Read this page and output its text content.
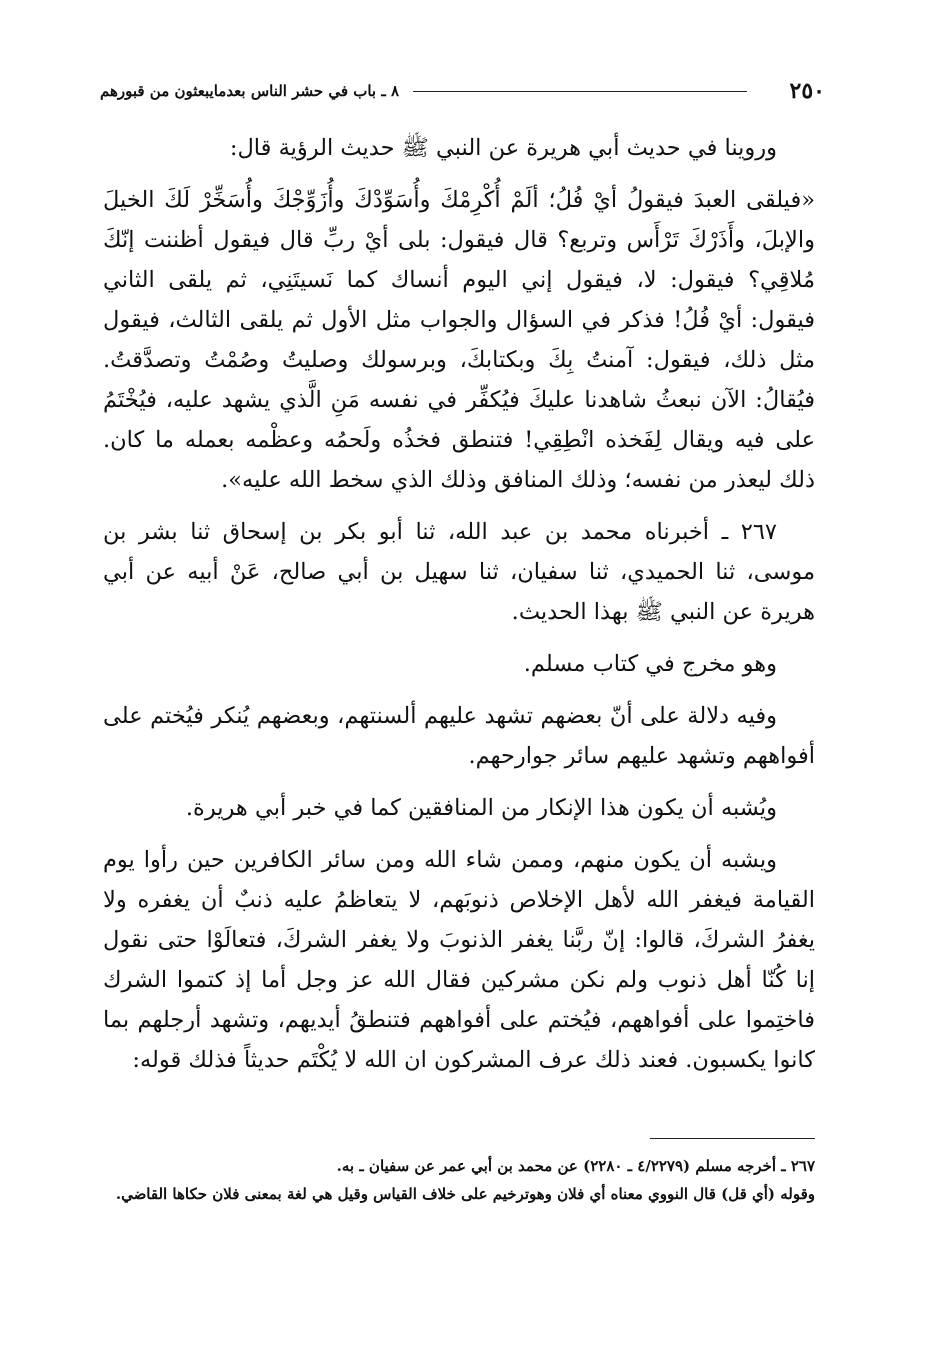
٢٥٠
٨ ـ باب في حشر الناس بعدمايبعثون من قبورهم

وروينا في حديث أبي هريرة عن النبي ﷺ حديث الرؤية قال:

«فيلقى العبدَ فيقولُ أيْ فُلُ؛ ألَمْ أُكْرِمْكَ وأُسَوِّدْكَ وأُزَوِّجْكَ وأُسَخِّرْ لَكَ الخيلَ والإبلَ، وأَذَرْكَ تَرْأَس وتربع؟ قال فيقول: بلى أيْ ربِّ قال فيقول أظننت إنّكَ مُلاقِي؟ فيقول: لا، فيقول إني اليوم أنساك كما نَسيتَنِي، ثم يلقى الثاني فيقول: أيْ فُلُ! فذكر في السؤال والجواب مثل الأول ثم يلقى الثالث، فيقول مثل ذلك، فيقول: آمنتُ بِكَ وبكتابكَ، وبرسولك وصليتُ وصُمْتُ وتصدَّقتُ. فيُقالُ: الآن نبعثُ شاهدنا عليكَ فيُكفِّر في نفسه مَنِ الَّذي يشهد عليه، فيُخْتَمُ على فيه ويقال لِفَخذه انْطِقِي! فتنطق فخذُه ولَحمُه وعظْمه بعمله ما كان. ذلك ليعذر من نفسه؛ وذلك المنافق وذلك الذي سخط الله عليه».

٢٦٧ ـ أخبرناه محمد بن عبد الله، ثنا أبو بكر بن إسحاق ثنا بشر بن موسى، ثنا الحميدي، ثنا سفيان، ثنا سهيل بن أبي صالح، عَنْ أبيه عن أبي هريرة عن النبي ﷺ بهذا الحديث.

وهو مخرج في كتاب مسلم.

وفيه دلالة على أنّ بعضهم تشهد عليهم ألسنتهم، وبعضهم يُنكر فيُختم على أفواههم وتشهد عليهم سائر جوارحهم.

ويُشبه أن يكون هذا الإنكار من المنافقين كما في خبر أبي هريرة.

ويشبه أن يكون منهم، وممن شاء الله ومن سائر الكافرين حين رأوا يوم القيامة فيغفر الله لأهل الإخلاص ذنوبَهم، لا يتعاظمُ عليه ذنبٌ أن يغفره ولا يغفرُ الشركَ، قالوا: إنّ ربَّنا يغفر الذنوبَ ولا يغفر الشركَ، فتعالَوْا حتى نقول إنا كُنّا أهل ذنوب ولم نكن مشركين فقال الله عز وجل أما إذ كتموا الشرك فاختِموا على أفواههم، فيُختم على أفواههم فتنطقُ أيديهم، وتشهد أرجلهم بما كانوا يكسبون. فعند ذلك عرف المشركون ان الله لا يُكْتَم حديثاً فذلك قوله:

٢٦٧ ـ أخرجه مسلم (٤/٢٢٧٩ ـ ٢٢٨٠) عن محمد بن أبي عمر عن سفيان ـ به.

وقوله (أي قل) قال النووي معناه أي فلان وهوترخيم على خلاف القياس وقيل هي لغة بمعنى فلان حكاها القاضي.
